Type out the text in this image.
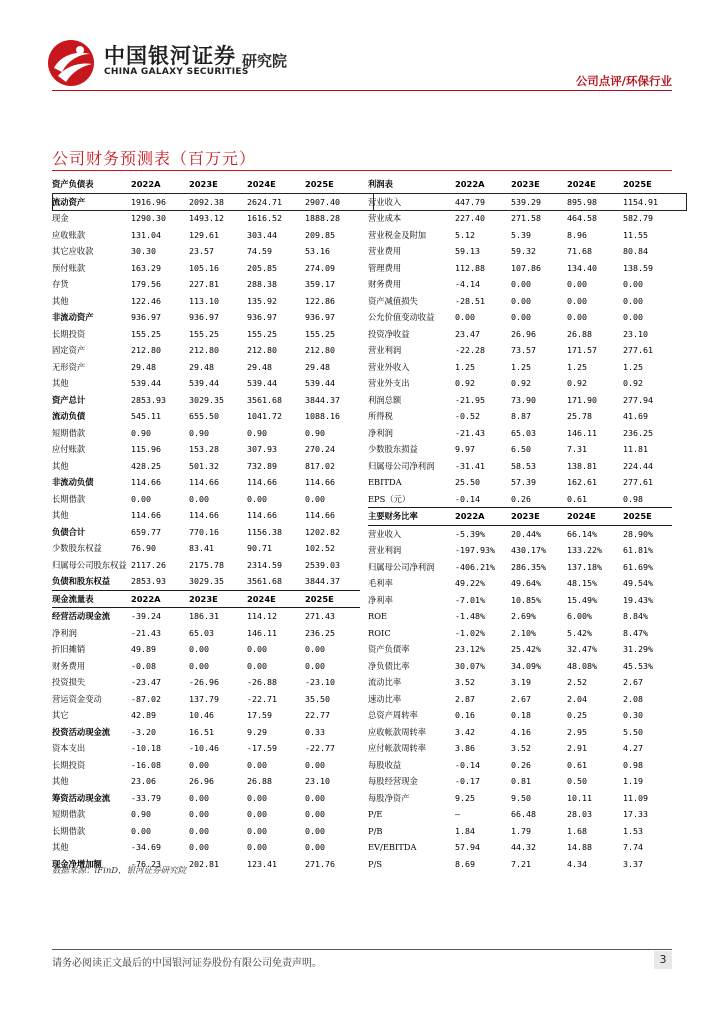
中国银河证券
CHINA GALAXY SECURITIES
研究院
公司点评/环保行业
公司财务预测表（百万元）
资产负债表	2022A	2023E	2024E	2025E
流动资产	1916.96	2092.38	2624.71	2907.40
现金	1290.30	1493.12	1616.52	1888.28
应收账款	131.04	129.61	303.44	209.85
其它应收款	30.30	23.57	74.59	53.16
预付账款	163.29	105.16	205.85	274.09
存货	179.56	227.81	288.38	359.17
其他	122.46	113.10	135.92	122.86
非流动资产	936.97	936.97	936.97	936.97
长期投资	155.25	155.25	155.25	155.25
固定资产	212.80	212.80	212.80	212.80
无形资产	29.48	29.48	29.48	29.48
其他	539.44	539.44	539.44	539.44
资产总计	2853.93	3029.35	3561.68	3844.37
流动负债	545.11	655.50	1041.72	1088.16
短期借款	0.90	0.90	0.90	0.90
应付账款	115.96	153.28	307.93	270.24
其他	428.25	501.32	732.89	817.02
非流动负债	114.66	114.66	114.66	114.66
长期借款	0.00	0.00	0.00	0.00
其他	114.66	114.66	114.66	114.66
负债合计	659.77	770.16	1156.38	1202.82
少数股东权益	76.90	83.41	90.71	102.52
归属母公司股东权益	2117.26	2175.78	2314.59	2539.03
负债和股东权益	2853.93	3029.35	3561.68	3844.37
现金流量表	2022A	2023E	2024E	2025E
经营活动现金流	-39.24	186.31	114.12	271.43
净利润	-21.43	65.03	146.11	236.25
折旧摊销	49.89	0.00	0.00	0.00
财务费用	-0.08	0.00	0.00	0.00
投资损失	-23.47	-26.96	-26.88	-23.10
营运资金变动	-87.02	137.79	-22.71	35.50
其它	42.89	10.46	17.59	22.77
投资活动现金流	-3.20	16.51	9.29	0.33
资本支出	-10.18	-10.46	-17.59	-22.77
长期投资	-16.08	0.00	0.00	0.00
其他	23.06	26.96	26.88	23.10
筹资活动现金流	-33.79	0.00	0.00	0.00
短期借款	0.90	0.00	0.00	0.00
长期借款	0.00	0.00	0.00	0.00
其他	-34.69	0.00	0.00	0.00
现金净增加额	-76.23	202.81	123.41	271.76
利润表	2022A	2023E	2024E	2025E
营业收入	447.79	539.29	895.98	1154.91
营业成本	227.40	271.58	464.58	582.79
营业税金及附加	5.12	5.39	8.96	11.55
营业费用	59.13	59.32	71.68	80.84
管理费用	112.88	107.86	134.40	138.59
财务费用	-4.14	0.00	0.00	0.00
资产减值损失	-28.51	0.00	0.00	0.00
公允价值变动收益	0.00	0.00	0.00	0.00
投资净收益	23.47	26.96	26.88	23.10
营业利润	-22.28	73.57	171.57	277.61
营业外收入	1.25	1.25	1.25	1.25
营业外支出	0.92	0.92	0.92	0.92
利润总额	-21.95	73.90	171.90	277.94
所得税	-0.52	8.87	25.78	41.69
净利润	-21.43	65.03	146.11	236.25
少数股东损益	9.97	6.50	7.31	11.81
归属母公司净利润	-31.41	58.53	138.81	224.44
EBITDA	25.50	57.39	162.61	277.61
EPS（元）	-0.14	0.26	0.61	0.98
主要财务比率	2022A	2023E	2024E	2025E
营业收入	-5.39%	20.44%	66.14%	28.90%
营业利润	-197.93%	430.17%	133.22%	61.81%
归属母公司净利润	-406.21%	286.35%	137.18%	61.69%
毛利率	49.22%	49.64%	48.15%	49.54%
净利率	-7.01%	10.85%	15.49%	19.43%
ROE	-1.48%	2.69%	6.00%	8.84%
ROIC	-1.02%	2.10%	5.42%	8.47%
资产负债率	23.12%	25.42%	32.47%	31.29%
净负债比率	30.07%	34.09%	48.08%	45.53%
流动比率	3.52	3.19	2.52	2.67
速动比率	2.87	2.67	2.04	2.08
总资产周转率	0.16	0.18	0.25	0.30
应收帐款周转率	3.42	4.16	2.95	5.50
应付帐款周转率	3.86	3.52	2.91	4.27
每股收益	-0.14	0.26	0.61	0.98
每股经营现金	-0.17	0.81	0.50	1.19
每股净资产	9.25	9.50	10.11	11.09
P/E	—	66.48	28.03	17.33
P/B	1.84	1.79	1.68	1.53
EV/EBITDA	57.94	44.32	14.88	7.74
P/S	8.69	7.21	4.34	3.37
数据来源：iFinD，银河证券研究院
请务必阅读正文最后的中国银河证券股份有限公司免责声明。	3
